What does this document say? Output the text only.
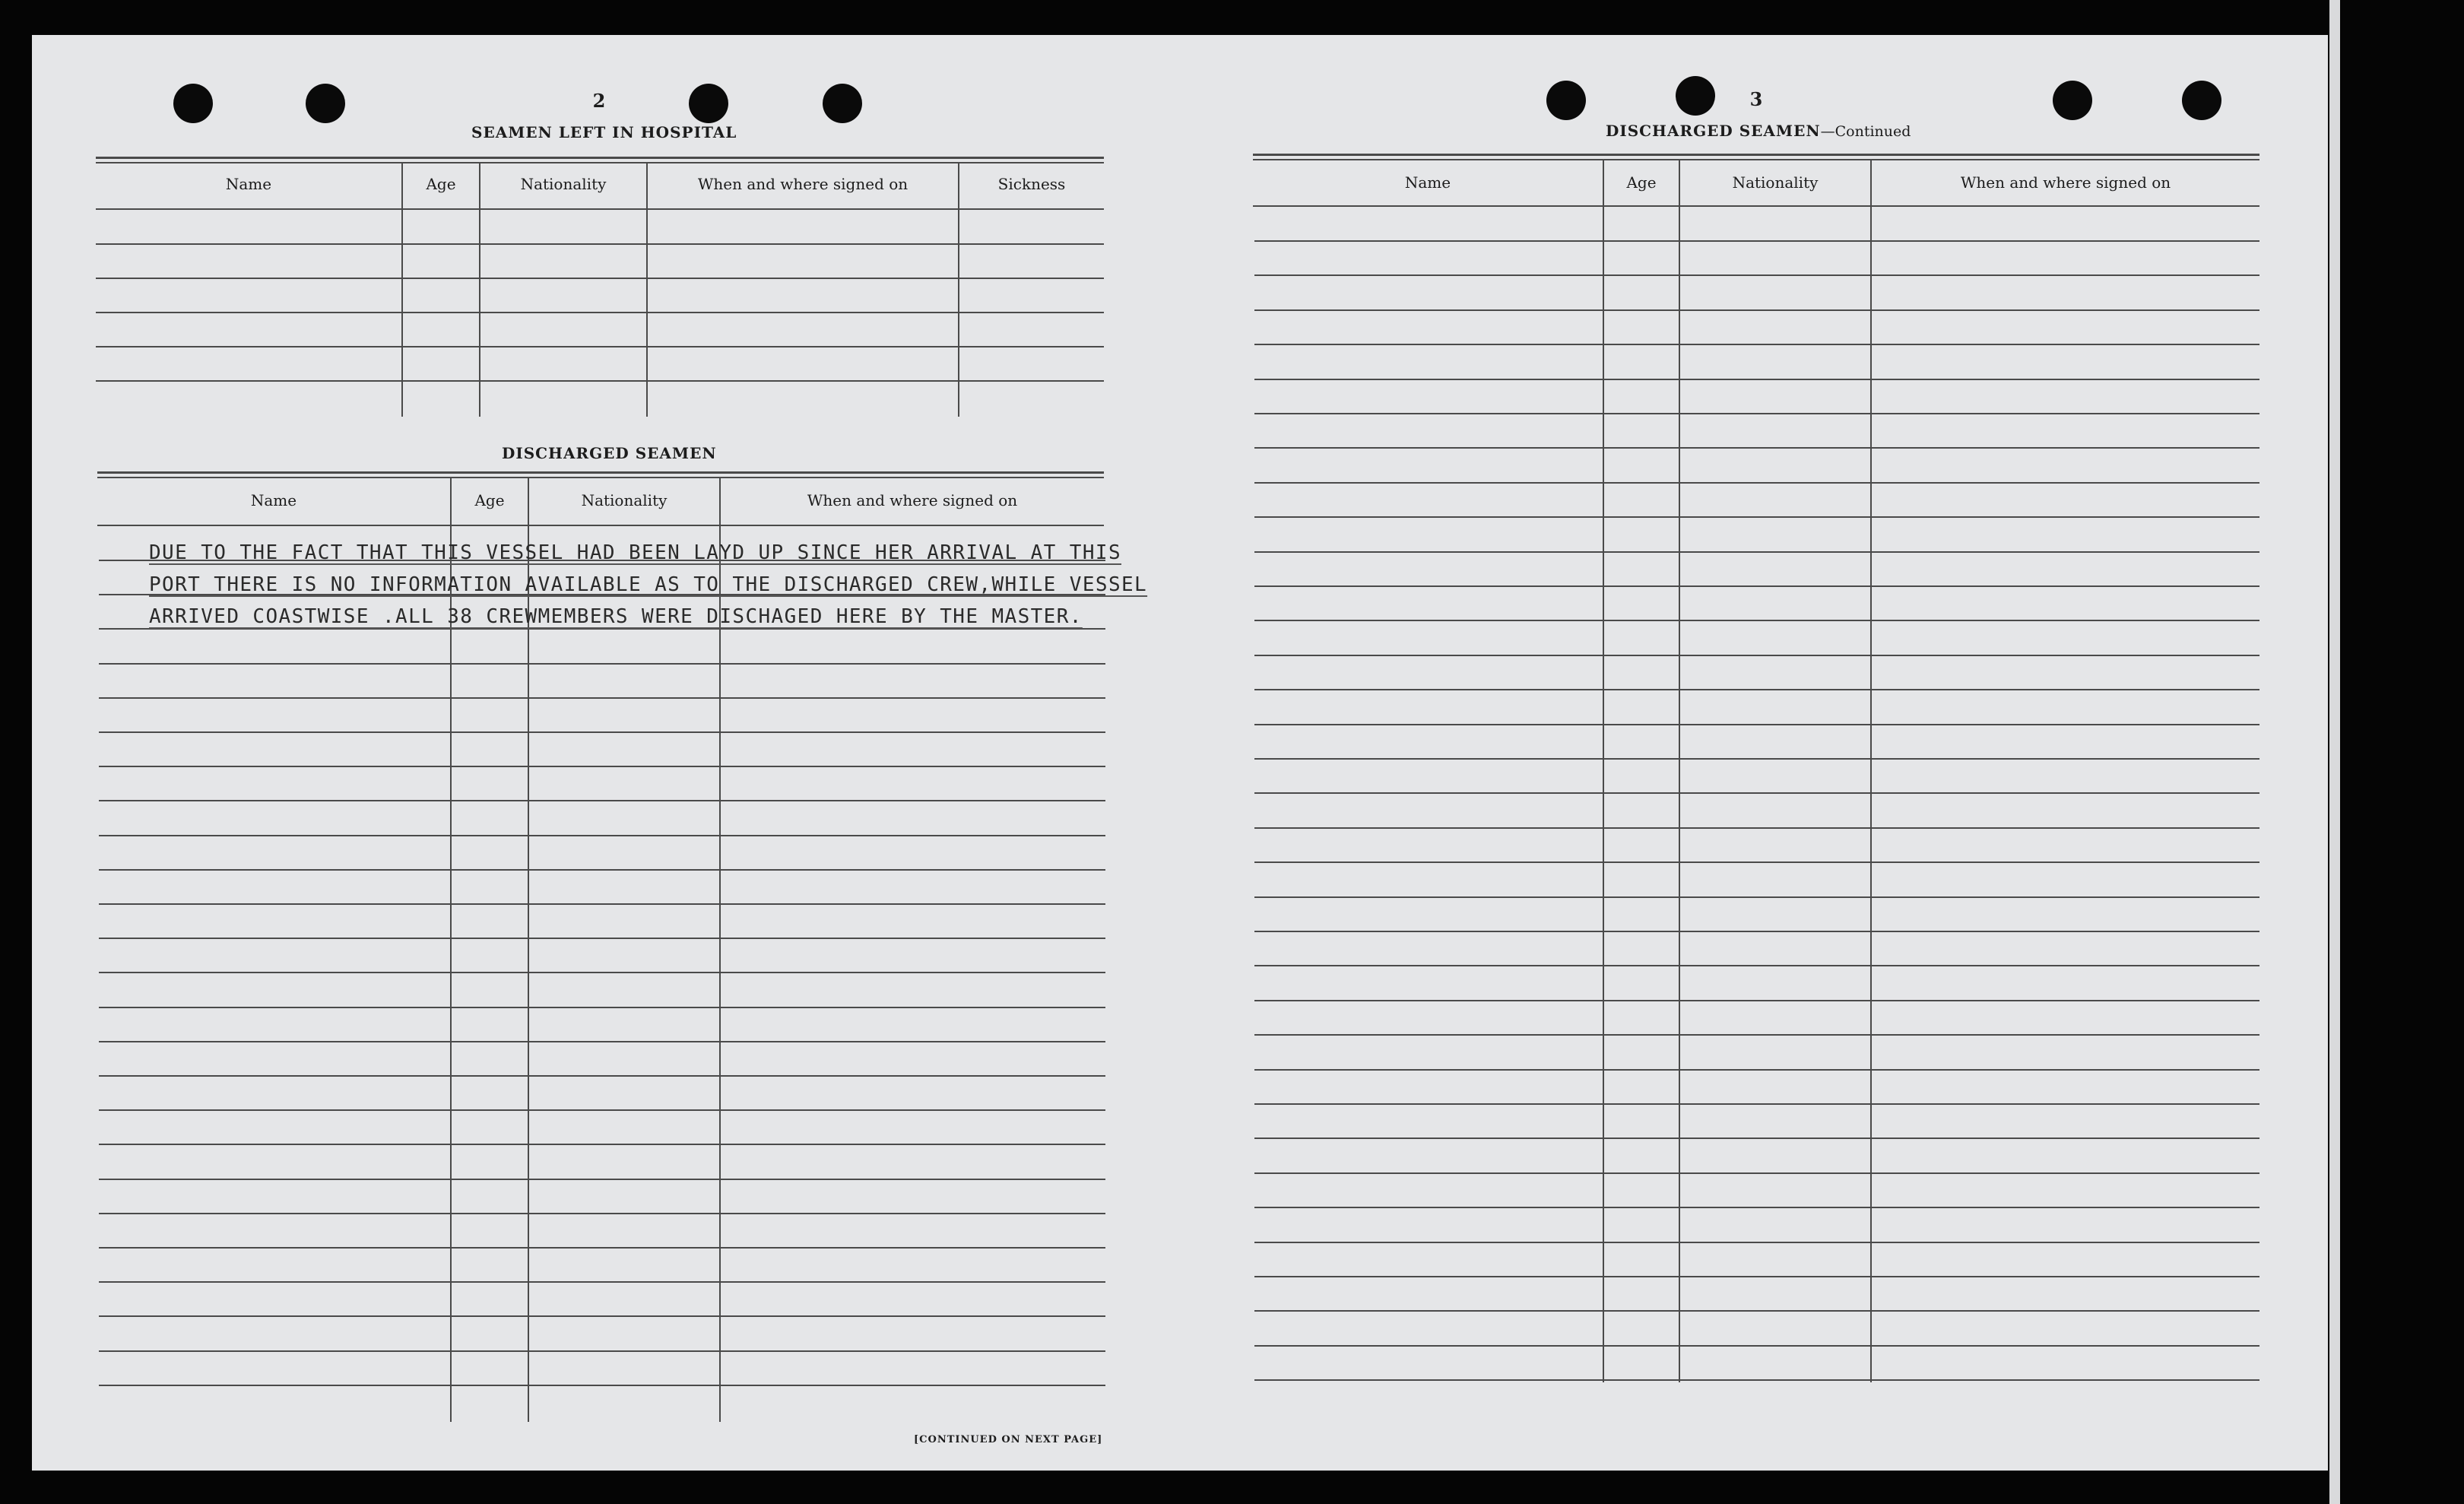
2
SEAMEN LEFT IN HOSPITAL
Name	Age	Nationality	When and where signed on	Sickness
DISCHARGED SEAMEN
Name	Age	Nationality	When and where signed on
DUE TO THE FACT THAT THIS VESSEL HAD BEEN LAYD UP SINCE HER ARRIVAL AT THIS
PORT THERE IS NO INFORMATION AVAILABLE AS TO THE DISCHARGED CREW,WHILE VESSEL
ARRIVED COASTWISE .ALL 38 CREWMEMBERS WERE DISCHAGED HERE BY THE MASTER.
[CONTINUED ON NEXT PAGE]
3
DISCHARGED SEAMEN—Continued
Name	Age	Nationality	When and where signed on
